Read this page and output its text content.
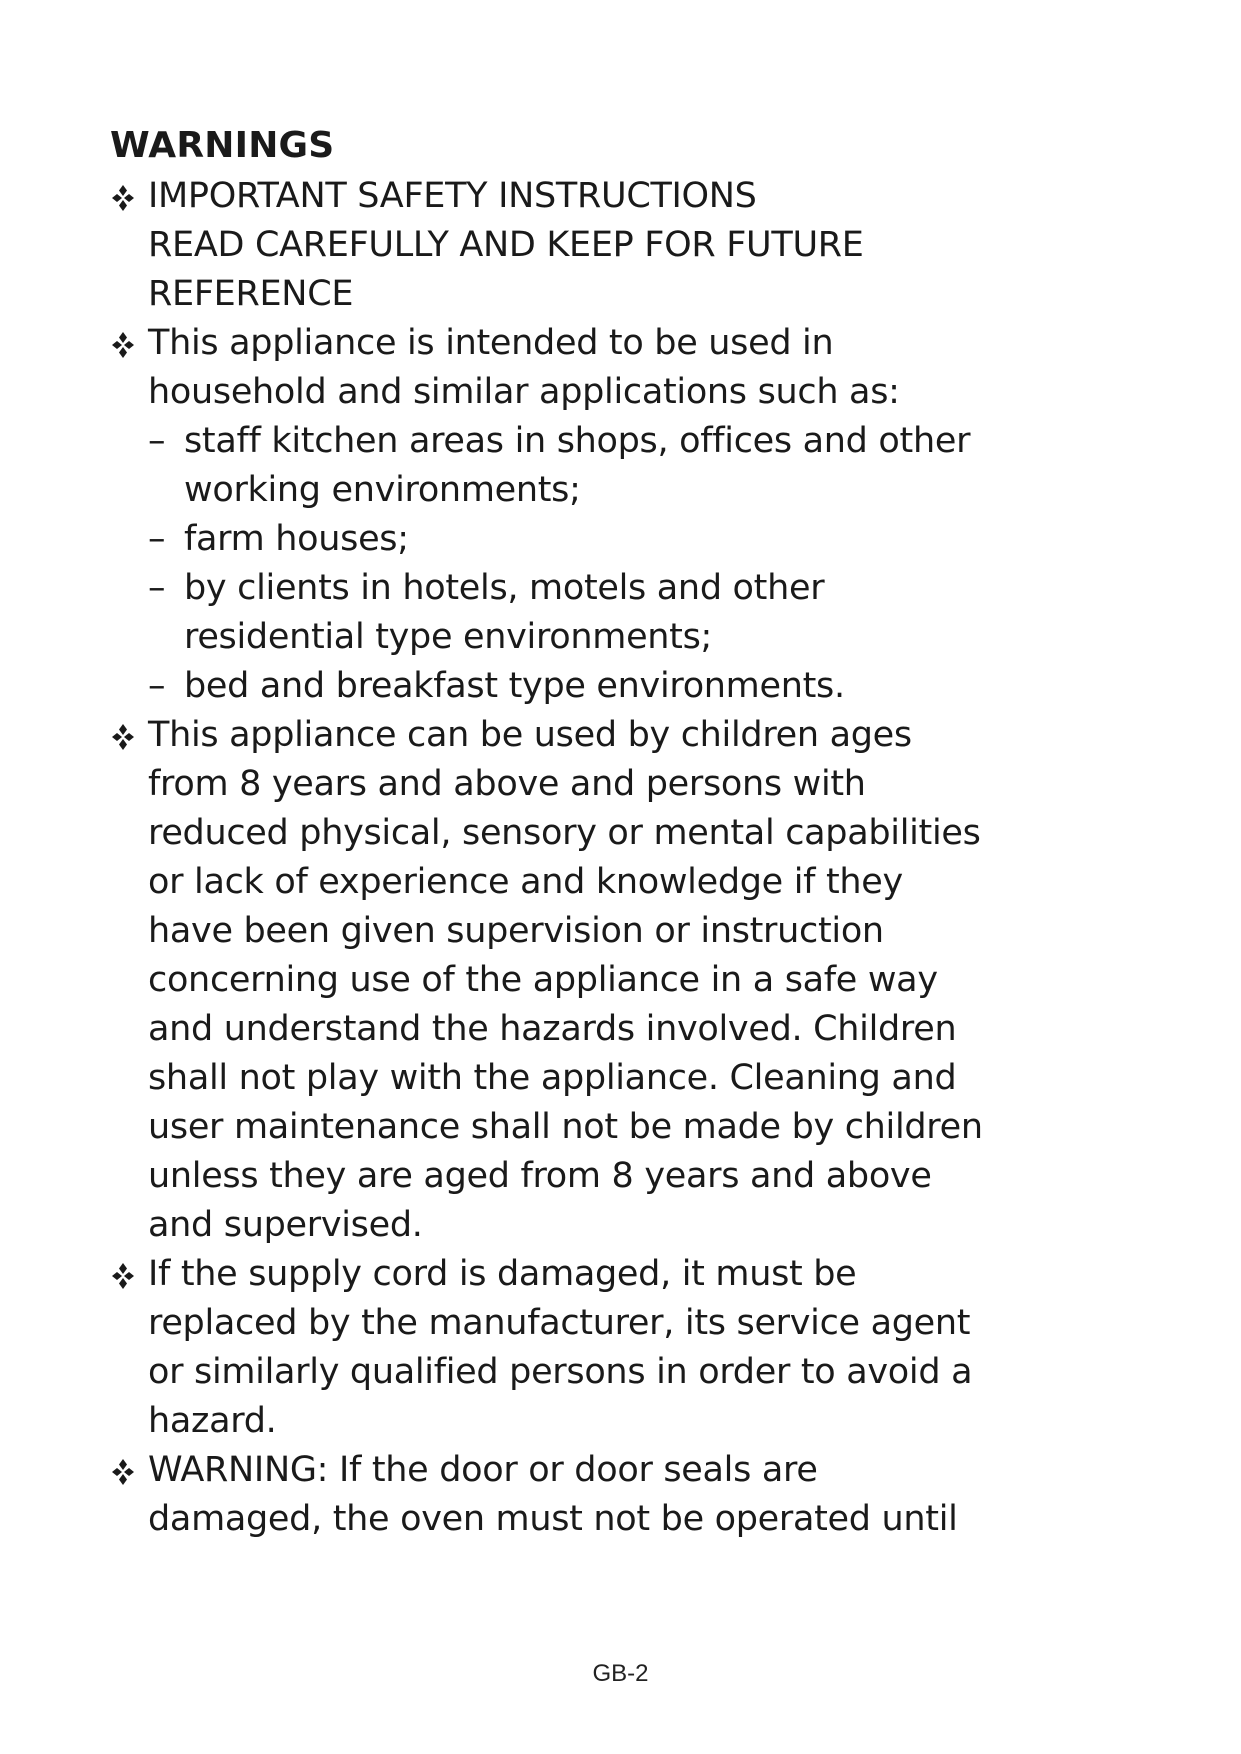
WARNINGS
IMPORTANT SAFETY INSTRUCTIONS
READ CAREFULLY AND KEEP FOR FUTURE
REFERENCE
This appliance is intended to be used in
household and similar applications such as:
– staff kitchen areas in shops, offices and other
working environments;
– farm houses;
– by clients in hotels, motels and other
residential type environments;
– bed and breakfast type environments.
This appliance can be used by children ages
from 8 years and above and persons with
reduced physical, sensory or mental capabilities
or lack of experience and knowledge if they
have been given supervision or instruction
concerning use of the appliance in a safe way
and understand the hazards involved. Children
shall not play with the appliance. Cleaning and
user maintenance shall not be made by children
unless they are aged from 8 years and above
and supervised.
If the supply cord is damaged, it must be
replaced by the manufacturer, its service agent
or similarly qualified persons in order to avoid a
hazard.
WARNING: If the door or door seals are
damaged, the oven must not be operated until
GB-2
